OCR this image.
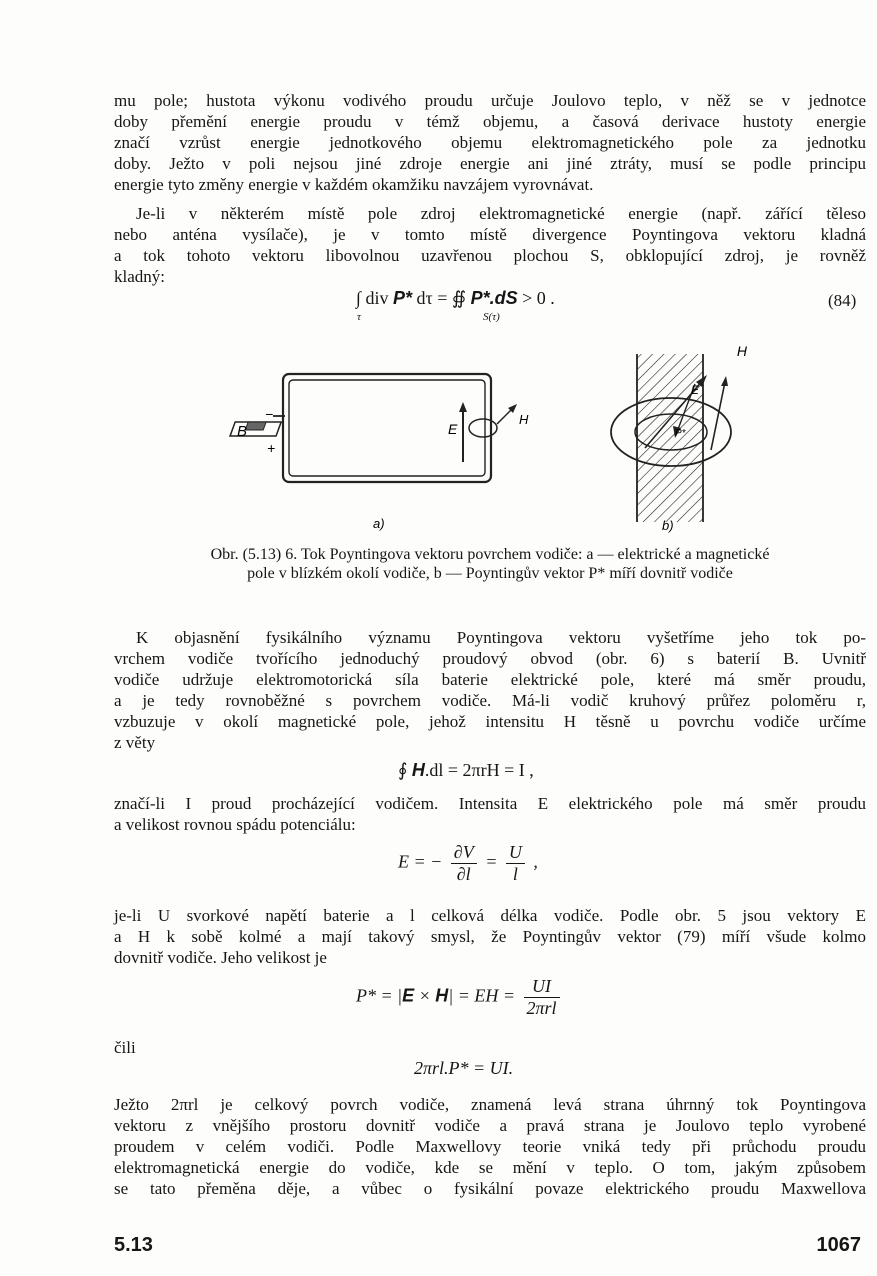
mu pole; hustota výkonu vodivého proudu určuje Joulovo teplo, v něž se v jednotce
doby přemění energie proudu v témž objemu, a časová derivace hustoty energie
značí vzrůst energie jednotkového objemu elektromagnetického pole za jednotku
doby. Ježto v poli nejsou jiné zdroje energie ani jiné ztráty, musí se podle principu
energie tyto změny energie v každém okamžiku navzájem vyrovnávat.

Je-li v některém místě pole zdroj elektromagnetické energie (např. zářící těleso
nebo anténa vysílače), je v tomto místě divergence Poyntingova vektoru kladná
a tok tohoto vektoru libovolnou uzavřenou plochou S, obklopující zdroj, je rovněž
kladný:

∫ div P* dτ = ∯ P*.dS > 0 .
τ	S(τ)
(84)
B
−
+
E
H
a)
H
E
P*
b)
Obr. (5.13) 6. Tok Poyntingova vektoru povrchem vodiče: a — elektrické a magnetické
pole v blízkém okolí vodiče, b — Poyntingův vektor P* míří dovnitř vodiče

K objasnění fysikálního významu Poyntingova vektoru vyšetříme jeho tok po-
vrchem vodiče tvořícího jednoduchý proudový obvod (obr. 6) s baterií B. Uvnitř
vodiče udržuje elektromotorická síla baterie elektrické pole, které má směr proudu,
a je tedy rovnoběžné s povrchem vodiče. Má-li vodič kruhový průřez poloměru r,
vzbuzuje v okolí magnetické pole, jehož intensitu H těsně u povrchu vodiče určíme
z věty

∮ H.dl = 2πrH = I ,

značí-li I proud procházející vodičem. Intensita E elektrického pole má směr proudu
a velikost rovnou spádu potenciálu:

E = − $\frac{\partial V}{\partial l} = \frac{U}{l}$ ,

je-li U svorkové napětí baterie a l celková délka vodiče. Podle obr. 5 jsou vektory E
a H k sobě kolmé a mají takový smysl, že Poyntingův vektor (79) míří všude kolmo
dovnitř vodiče. Jeho velikost je

P* = |E × H| = EH = $\frac{UI}{\text{2πrl}}$

čili

2πrl.P* = UI.

Ježto 2πrl je celkový povrch vodiče, znamená levá strana úhrnný tok Poyntingova
vektoru z vnějšího prostoru dovnitř vodiče a pravá strana je Joulovo teplo vyrobené
proudem v celém vodiči. Podle Maxwellovy teorie vniká tedy při průchodu proudu
elektromagnetická energie do vodiče, kde se mění v teplo. O tom, jakým způsobem
se tato přeměna děje, a vůbec o fysikální povaze elektrického proudu Maxwellova

5.13	1067
